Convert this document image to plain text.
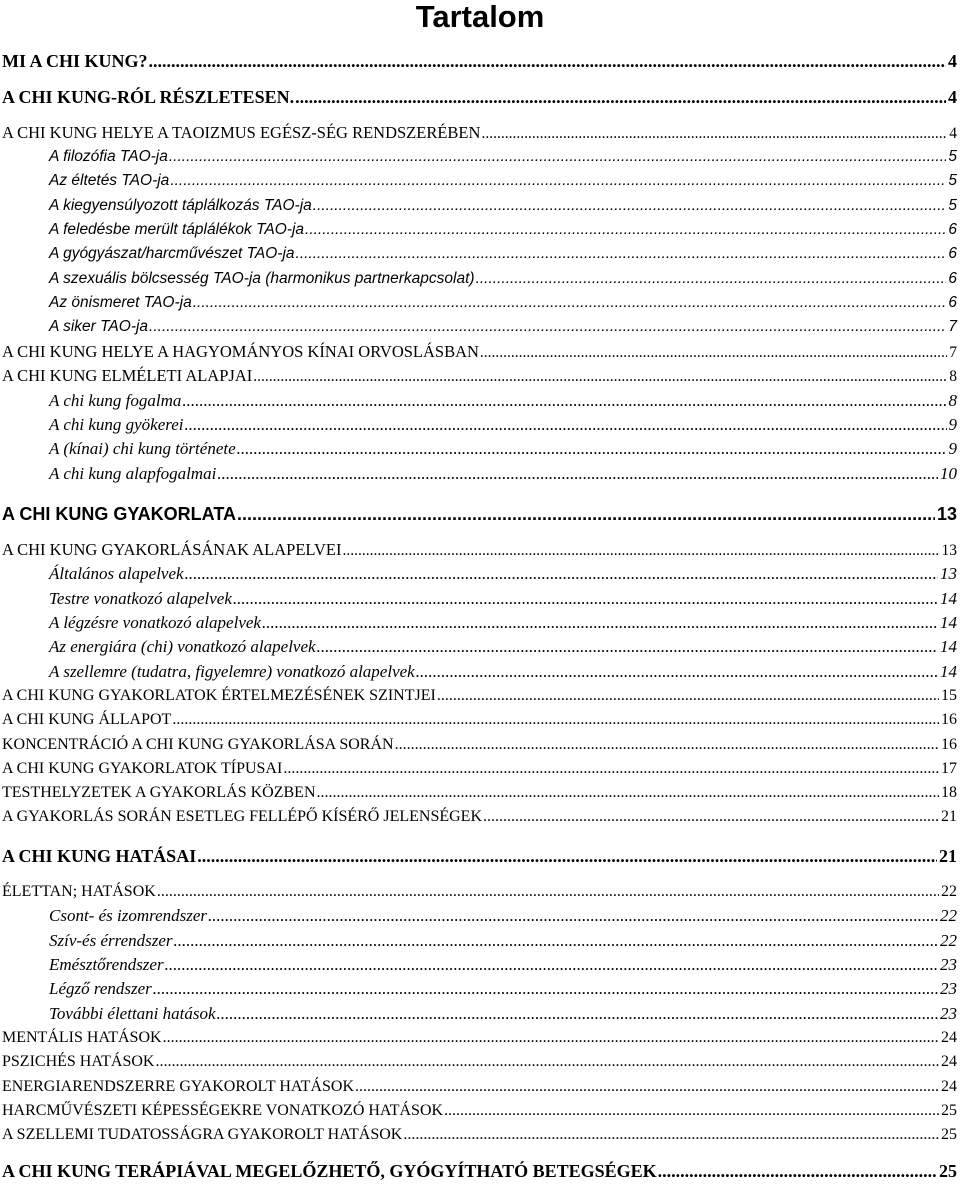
Tartalom
MI A CHI KUNG? .....	4
A CHI KUNG-RÓL RÉSZLETESEN. .....	4
A CHI KUNG HELYE A TAOIZMUS EGÉSZ-SÉG RENDSZERÉBEN .....	4
A filozófia TAO-ja .....	5
Az éltetés TAO-ja .....	5
A kiegyensúlyozott táplálkozás TAO-ja .....	5
A feledésbe merült táplálékok TAO-ja .....	6
A gyógyászat/harcművészet TAO-ja .....	6
A szexuális bölcsesség TAO-ja (harmonikus partnerkapcsolat) .....	6
Az önismeret TAO-ja .....	6
A siker TAO-ja .....	7
A CHI KUNG HELYE A HAGYOMÁNYOS KÍNAI ORVOSLÁSBAN .....	7
A CHI KUNG ELMÉLETI ALAPJAI .....	8
A chi kung fogalma .....	8
A chi kung gyökerei .....	9
A (kínai) chi kung története .....	9
A chi kung alapfogalmai .....	10
A CHI KUNG GYAKORLATA .....	13
A CHI KUNG GYAKORLÁSÁNAK ALAPELVEI .....	13
Általános alapelvek .....	13
Testre vonatkozó alapelvek .....	14
A légzésre vonatkozó alapelvek .....	14
Az energiára (chi) vonatkozó alapelvek .....	14
A szellemre (tudatra, figyelemre) vonatkozó alapelvek .....	14
A CHI KUNG GYAKORLATOK ÉRTELMEZÉSÉNEK SZINTJEI .....	15
A CHI KUNG ÁLLAPOT .....	16
KONCENTRÁCIÓ A CHI KUNG GYAKORLÁSA SORÁN .....	16
A CHI KUNG GYAKORLATOK TÍPUSAI .....	17
TESTHELYZETEK A GYAKORLÁS KÖZBEN .....	18
A GYAKORLÁS SORÁN ESETLEG FELLÉPŐ KÍSÉRŐ JELENSÉGEK .....	21
A CHI KUNG HATÁSAI .....	21
ÉLETTAN; HATÁSOK .....	22
Csont- és izomrendszer .....	22
Szív-és érrendszer .....	22
Emésztőrendszer .....	23
Légző rendszer .....	23
További élettani hatások .....	23
MENTÁLIS HATÁSOK .....	24
PSZICHÉS HATÁSOK .....	24
ENERGIARENDSZERRE GYAKOROLT HATÁSOK .....	24
HARCMŰVÉSZETI KÉPESSÉGEKRE VONATKOZÓ HATÁSOK .....	25
A SZELLEMI TUDATOSSÁGRA GYAKOROLT HATÁSOK .....	25
A CHI KUNG TERÁPIÁVAL MEGELŐZHETŐ, GYÓGYÍTHATÓ BETEGSÉGEK .....	25
